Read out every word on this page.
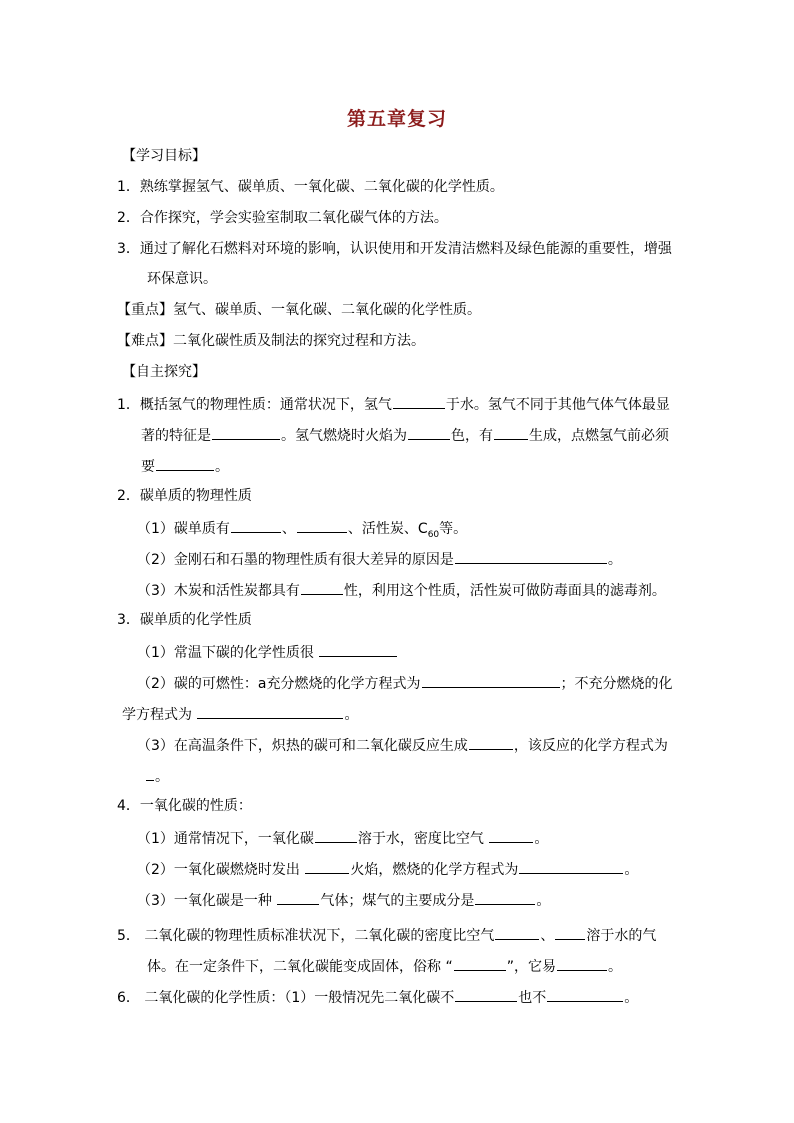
第五章复习
【学习目标】
1．熟练掌握氢气、碳单质、一氧化碳、二氧化碳的化学性质。
2．合作探究，学会实验室制取二氧化碳气体的方法。
3．通过了解化石燃料对环境的影响，认识使用和开发清洁燃料及绿色能源的重要性，增强
环保意识。
【重点】氢气、碳单质、一氧化碳、二氧化碳的化学性质。
【难点】二氧化碳性质及制法的探究过程和方法。
【自主探究】
1．概括氢气的物理性质：通常状况下，氢气	于水。氢气不同于其他气体气体最显
著的特征是	。氢气燃烧时火焰为	色，有	生成，点燃氢气前必须
要	。
2．碳单质的物理性质
（1）碳单质有	、	、活性炭、$C_{60}$等。
（2）金刚石和石墨的物理性质有很大差异的原因是	。
（3）木炭和活性炭都具有	性，利用这个性质，活性炭可做防毒面具的滤毒剂。
3．碳单质的化学性质
（1）常温下碳的化学性质很
（2）碳的可燃性：a充分燃烧的化学方程式为	；不充分燃烧的化
学方程式为	。
（3）在高温条件下，炽热的碳可和二氧化碳反应生成	，该反应的化学方程式为
。
4．一氧化碳的性质：
（1）通常情况下，一氧化碳	溶于水，密度比空气	。
（2）一氧化碳燃烧时发出	火焰，燃烧的化学方程式为	。
（3）一氧化碳是一种	气体；煤气的主要成分是	。
5． 二氧化碳的物理性质标准状况下，二氧化碳的密度比空气	、 溶于水的气
体。在一定条件下，二氧化碳能变成固体，俗称 “	”，它易	。
6． 二氧化碳的化学性质：（1）一般情况先二氧化碳不	也不	。
